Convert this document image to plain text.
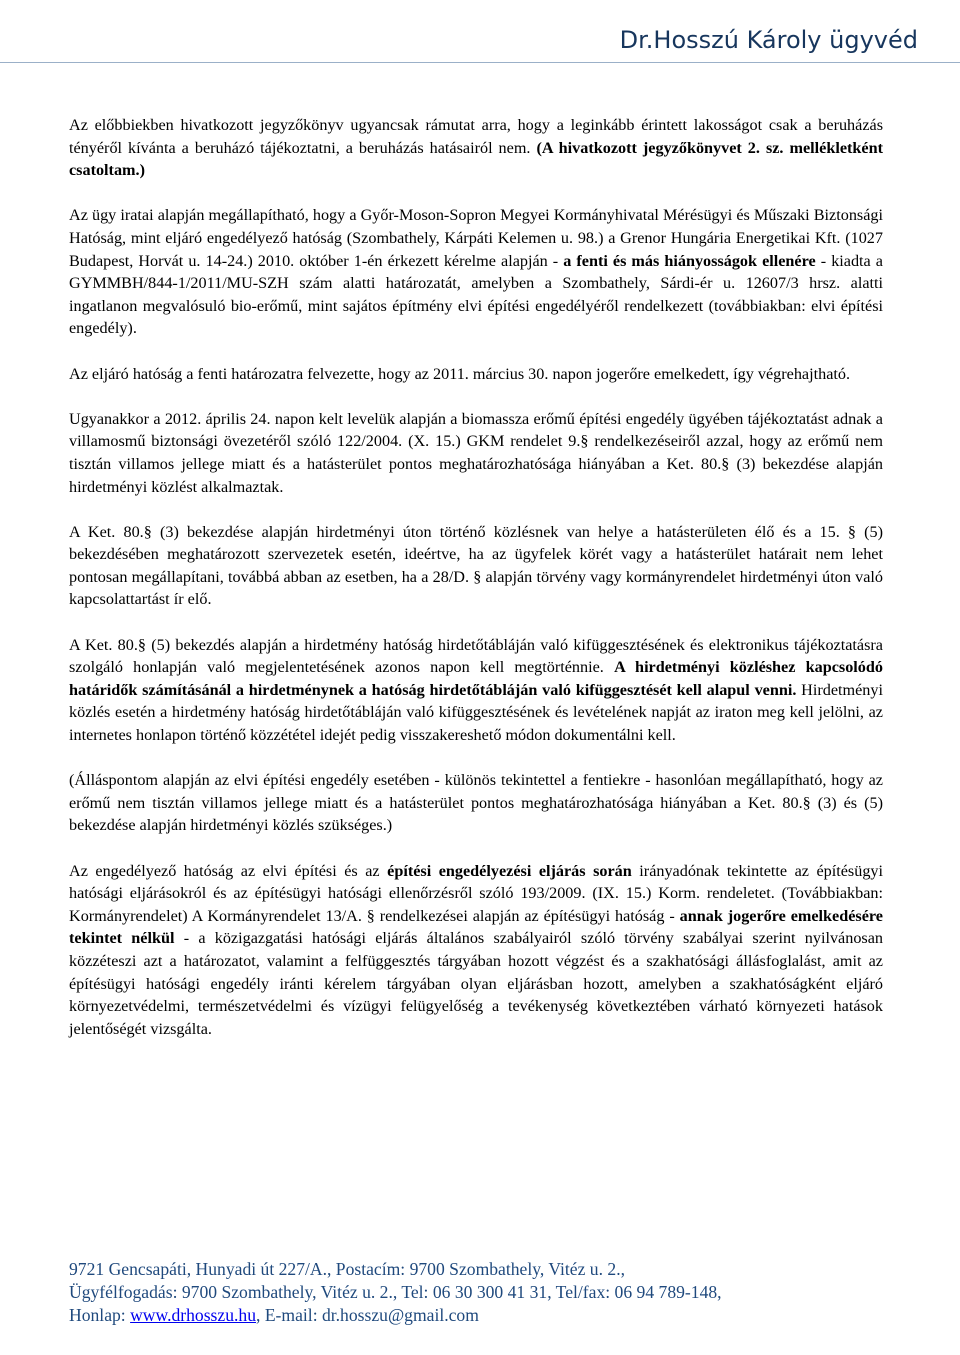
Dr.Hosszú Károly ügyvéd

Az előbbiekben hivatkozott jegyzőkönyv ugyancsak rámutat arra, hogy a leginkább érintett lakosságot csak a beruházás tényéről kívánta a beruházó tájékoztatni, a beruházás hatásairól nem. (A hivatkozott jegyzőkönyvet 2. sz. mellékletként csatoltam.)

Az ügy iratai alapján megállapítható, hogy a Győr-Moson-Sopron Megyei Kormányhivatal Mérésügyi és Műszaki Biztonsági Hatóság, mint eljáró engedélyező hatóság (Szombathely, Kárpáti Kelemen u. 98.) a Grenor Hungária Energetikai Kft. (1027 Budapest, Horvát u. 14-24.) 2010. október 1-én érkezett kérelme alapján - a fenti és más hiányosságok ellenére - kiadta a GYMMBH/844-1/2011/MU-SZH szám alatti határozatát, amelyben a Szombathely, Sárdi-ér u. 12607/3 hrsz. alatti ingatlanon megvalósuló bio-erőmű, mint sajátos építmény elvi építési engedélyéről rendelkezett (továbbiakban: elvi építési engedély).

Az eljáró hatóság a fenti határozatra felvezette, hogy az 2011. március 30. napon jogerőre emelkedett, így végrehajtható.

Ugyanakkor a 2012. április 24. napon kelt levelük alapján a biomassza erőmű építési engedély ügyében tájékoztatást adnak a villamosmű biztonsági övezetéről szóló 122/2004. (X. 15.) GKM rendelet 9.§ rendelkezéseiről azzal, hogy az erőmű nem tisztán villamos jellege miatt és a hatásterület pontos meghatározhatósága hiányában a Ket. 80.§ (3) bekezdése alapján hirdetményi közlést alkalmaztak.

A Ket. 80.§ (3) bekezdése alapján hirdetményi úton történő közlésnek van helye a hatásterületen élő és a 15. § (5) bekezdésében meghatározott szervezetek esetén, ideértve, ha az ügyfelek körét vagy a hatásterület határait nem lehet pontosan megállapítani, továbbá abban az esetben, ha a 28/D. § alapján törvény vagy kormányrendelet hirdetményi úton való kapcsolattartást ír elő.

A Ket. 80.§ (5) bekezdés alapján a hirdetmény hatóság hirdetőtábláján való kifüggesztésének és elektronikus tájékoztatásra szolgáló honlapján való megjelentetésének azonos napon kell megtörténnie. A hirdetményi közléshez kapcsolódó határidők számításánál a hirdetménynek a hatóság hirdetőtábláján való kifüggesztését kell alapul venni. Hirdetményi közlés esetén a hirdetmény hatóság hirdetőtábláján való kifüggesztésének és levételének napját az iraton meg kell jelölni, az internetes honlapon történő közzététel idejét pedig visszakereshető módon dokumentálni kell.

(Álláspontom alapján az elvi építési engedély esetében - különös tekintettel a fentiekre - hasonlóan megállapítható, hogy az erőmű nem tisztán villamos jellege miatt és a hatásterület pontos meghatározhatósága hiányában a Ket. 80.§ (3) és (5) bekezdése alapján hirdetményi közlés szükséges.)

Az engedélyező hatóság az elvi építési és az építési engedélyezési eljárás során irányadónak tekintette az építésügyi hatósági eljárásokról és az építésügyi hatósági ellenőrzésről szóló 193/2009. (IX. 15.) Korm. rendeletet. (Továbbiakban: Kormányrendelet) A Kormányrendelet 13/A. § rendelkezései alapján az építésügyi hatóság - annak jogerőre emelkedésére tekintet nélkül - a közigazgatási hatósági eljárás általános szabályairól szóló törvény szabályai szerint nyilvánosan közzéteszi azt a határozatot, valamint a felfüggesztés tárgyában hozott végzést és a szakhatósági állásfoglalást, amit az építésügyi hatósági engedély iránti kérelem tárgyában olyan eljárásban hozott, amelyben a szakhatóságként eljáró környezetvédelmi, természetvédelmi és vízügyi felügyelőség a tevékenység következtében várható környezeti hatások jelentőségét vizsgálta.

9721 Gencsapáti, Hunyadi út 227/A., Postacím: 9700 Szombathely, Vitéz u. 2.,
Ügyfélfogadás: 9700 Szombathely, Vitéz u. 2., Tel: 06 30 300 41 31, Tel/fax: 06 94 789-148,
Honlap: www.drhosszu.hu, E-mail: dr.hosszu@gmail.com
